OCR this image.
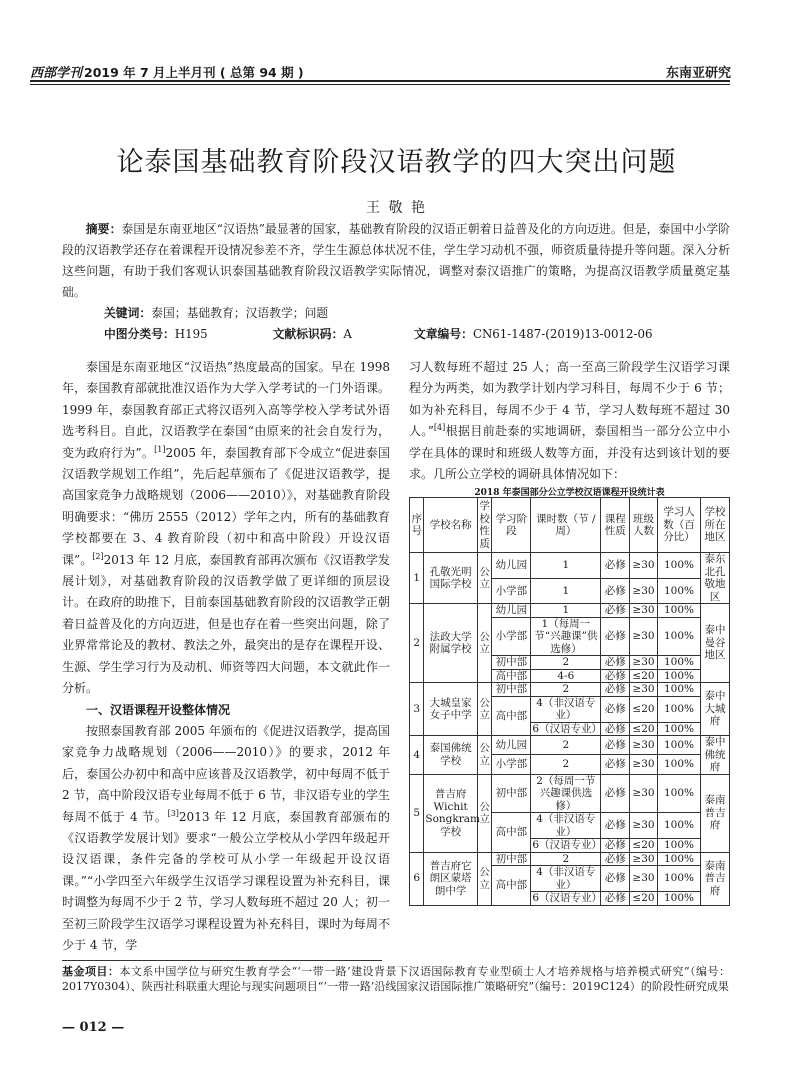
西部学刊 2019 年 7 月上半月刊 ( 总第 94 期 )	东南亚研究
论泰国基础教育阶段汉语教学的四大突出问题
王 敬 艳
  摘要：泰国是东南亚地区“汉语热”最显著的国家，基础教育阶段的汉语正朝着日益普及化的方向迈进。但是，泰国中小学阶段的汉语教学还存在着课程开设情况参差不齐，学生生源总体状况不佳，学生学习动机不强，师资质量待提升等问题。深入分析这些问题，有助于我们客观认识泰国基础教育阶段汉语教学实际情况，调整对泰汉语推广的策略，为提高汉语教学质量奠定基础。
关键词：泰国；基础教育；汉语教学；问题
中图分类号：H195	文献标识码：A	文章编号：CN61-1487-(2019)13-0012-06

泰国是东南亚地区“汉语热”热度最高的国家。早在 1998 年，泰国教育部就批准汉语作为大学入学考试的一门外语课。1999 年，泰国教育部正式将汉语列入高等学校入学考试外语选考科目。自此，汉语教学在泰国“由原来的社会自发行为，变为政府行为”。[1]2005 年，泰国教育部下令成立“促进泰国汉语教学规划工作组”，先后起草颁布了《促进汉语教学，提高国家竞争力战略规划（2006——2010）》，对基础教育阶段明确要求：“佛历 2555（2012）学年之内，所有的基础教育学校都要在 3、4 教育阶段（初中和高中阶段）开设汉语课”。[2]2013 年 12 月底，泰国教育部再次颁布《汉语教学发展计划》，对基础教育阶段的汉语教学做了更详细的顶层设计。在政府的助推下，目前泰国基础教育阶段的汉语教学正朝着日益普及化的方向迈进，但是也存在着一些突出问题，除了业界常常论及的教材、教法之外，最突出的是存在课程开设、生源、学生学习行为及动机、师资等四大问题，本文就此作一分析。

一、汉语课程开设整体情况

按照泰国教育部 2005 年颁布的《促进汉语教学，提高国家竞争力战略规划（2006——2010）》的要求，2012 年后，泰国公办初中和高中应该普及汉语教学，初中每周不低于 2 节，高中阶段汉语专业每周不低于 6 节，非汉语专业的学生每周不低于 4 节。[3]2013 年 12 月底，泰国教育部颁布的《汉语教学发展计划》要求“一般公立学校从小学四年级起开设汉语课，条件完备的学校可从小学一年级起开设汉语课。”“小学四至六年级学生汉语学习课程设置为补充科目，课时调整为每周不少于 2 节，学习人数每班不超过 20 人；初一至初三阶段学生汉语学习课程设置为补充科目，课时为每周不少于 4 节，学

习人数每班不超过 25 人；高一至高三阶段学生汉语学习课程分为两类，如为教学计划内学习科目，每周不少于 6 节；如为补充科目，每周不少于 4 节，学习人数每班不超过 30 人。”[4]根据目前赴泰的实地调研，泰国相当一部分公立中小学在具体的课时和班级人数等方面，并没有达到该计划的要求。几所公立学校的调研具体情况如下：

2018 年泰国部分公立学校汉语课程开设统计表
序号	学校名称	学校性质	学习阶段	课时数（节 / 周）	课程性质	班级人数	学习人数（百分比）	学校所在地区
1	孔敬光明国际学校	公立	幼儿园	1	必修	≥30	100%	泰东北孔敬地区
			小学部	1	必修	≥30	100%	
2	法政大学附属学校	公立	幼儿园	1	必修	≥30	100%	泰中曼谷地区
			小学部	1（每周一节“兴趣课”供选修）	必修	≥30	100%	
			初中部	2	必修	≥30	100%	
			高中部	4-6	必修	≤20	100%	
3	大城皇家女子中学	公立	初中部	2	必修	≥30	100%	泰中大城府
			高中部	4（非汉语专业）	必修	≤20	100%	
				6（汉语专业）	必修	≤20	100%	
4	泰国佛统学校	公立	幼儿园	2	必修	≥30	100%	泰中佛统府
			小学部	2	必修	≥30	100%	
5	普吉府Wichit Songkram学校	公立	初中部	2（每周一节兴趣课供选修）	必修	≥30	100%	泰南普吉府
			高中部	4（非汉语专业）	必修	≥30	100%	
				6（汉语专业）	必修	≤20	100%	
6	普吉府它朗区蒙塔朗中学	公立	初中部	2	必修	≥30	100%	泰南普吉府
			高中部	4（非汉语专业）	必修	≥30	100%	
				6（汉语专业）	必修	≤20	100%	
基金项目：本文系中国学位与研究生教育学会“‘一带一路’建设背景下汉语国际教育专业型硕士人才培养规格与培养模式研究”（编号：2017Y0304）、陕西社科联重大理论与现实问题项目“‘一带一路’沿线国家汉语国际推广策略研究”（编号：2019C124）的阶段性研究成果
— 012 —
